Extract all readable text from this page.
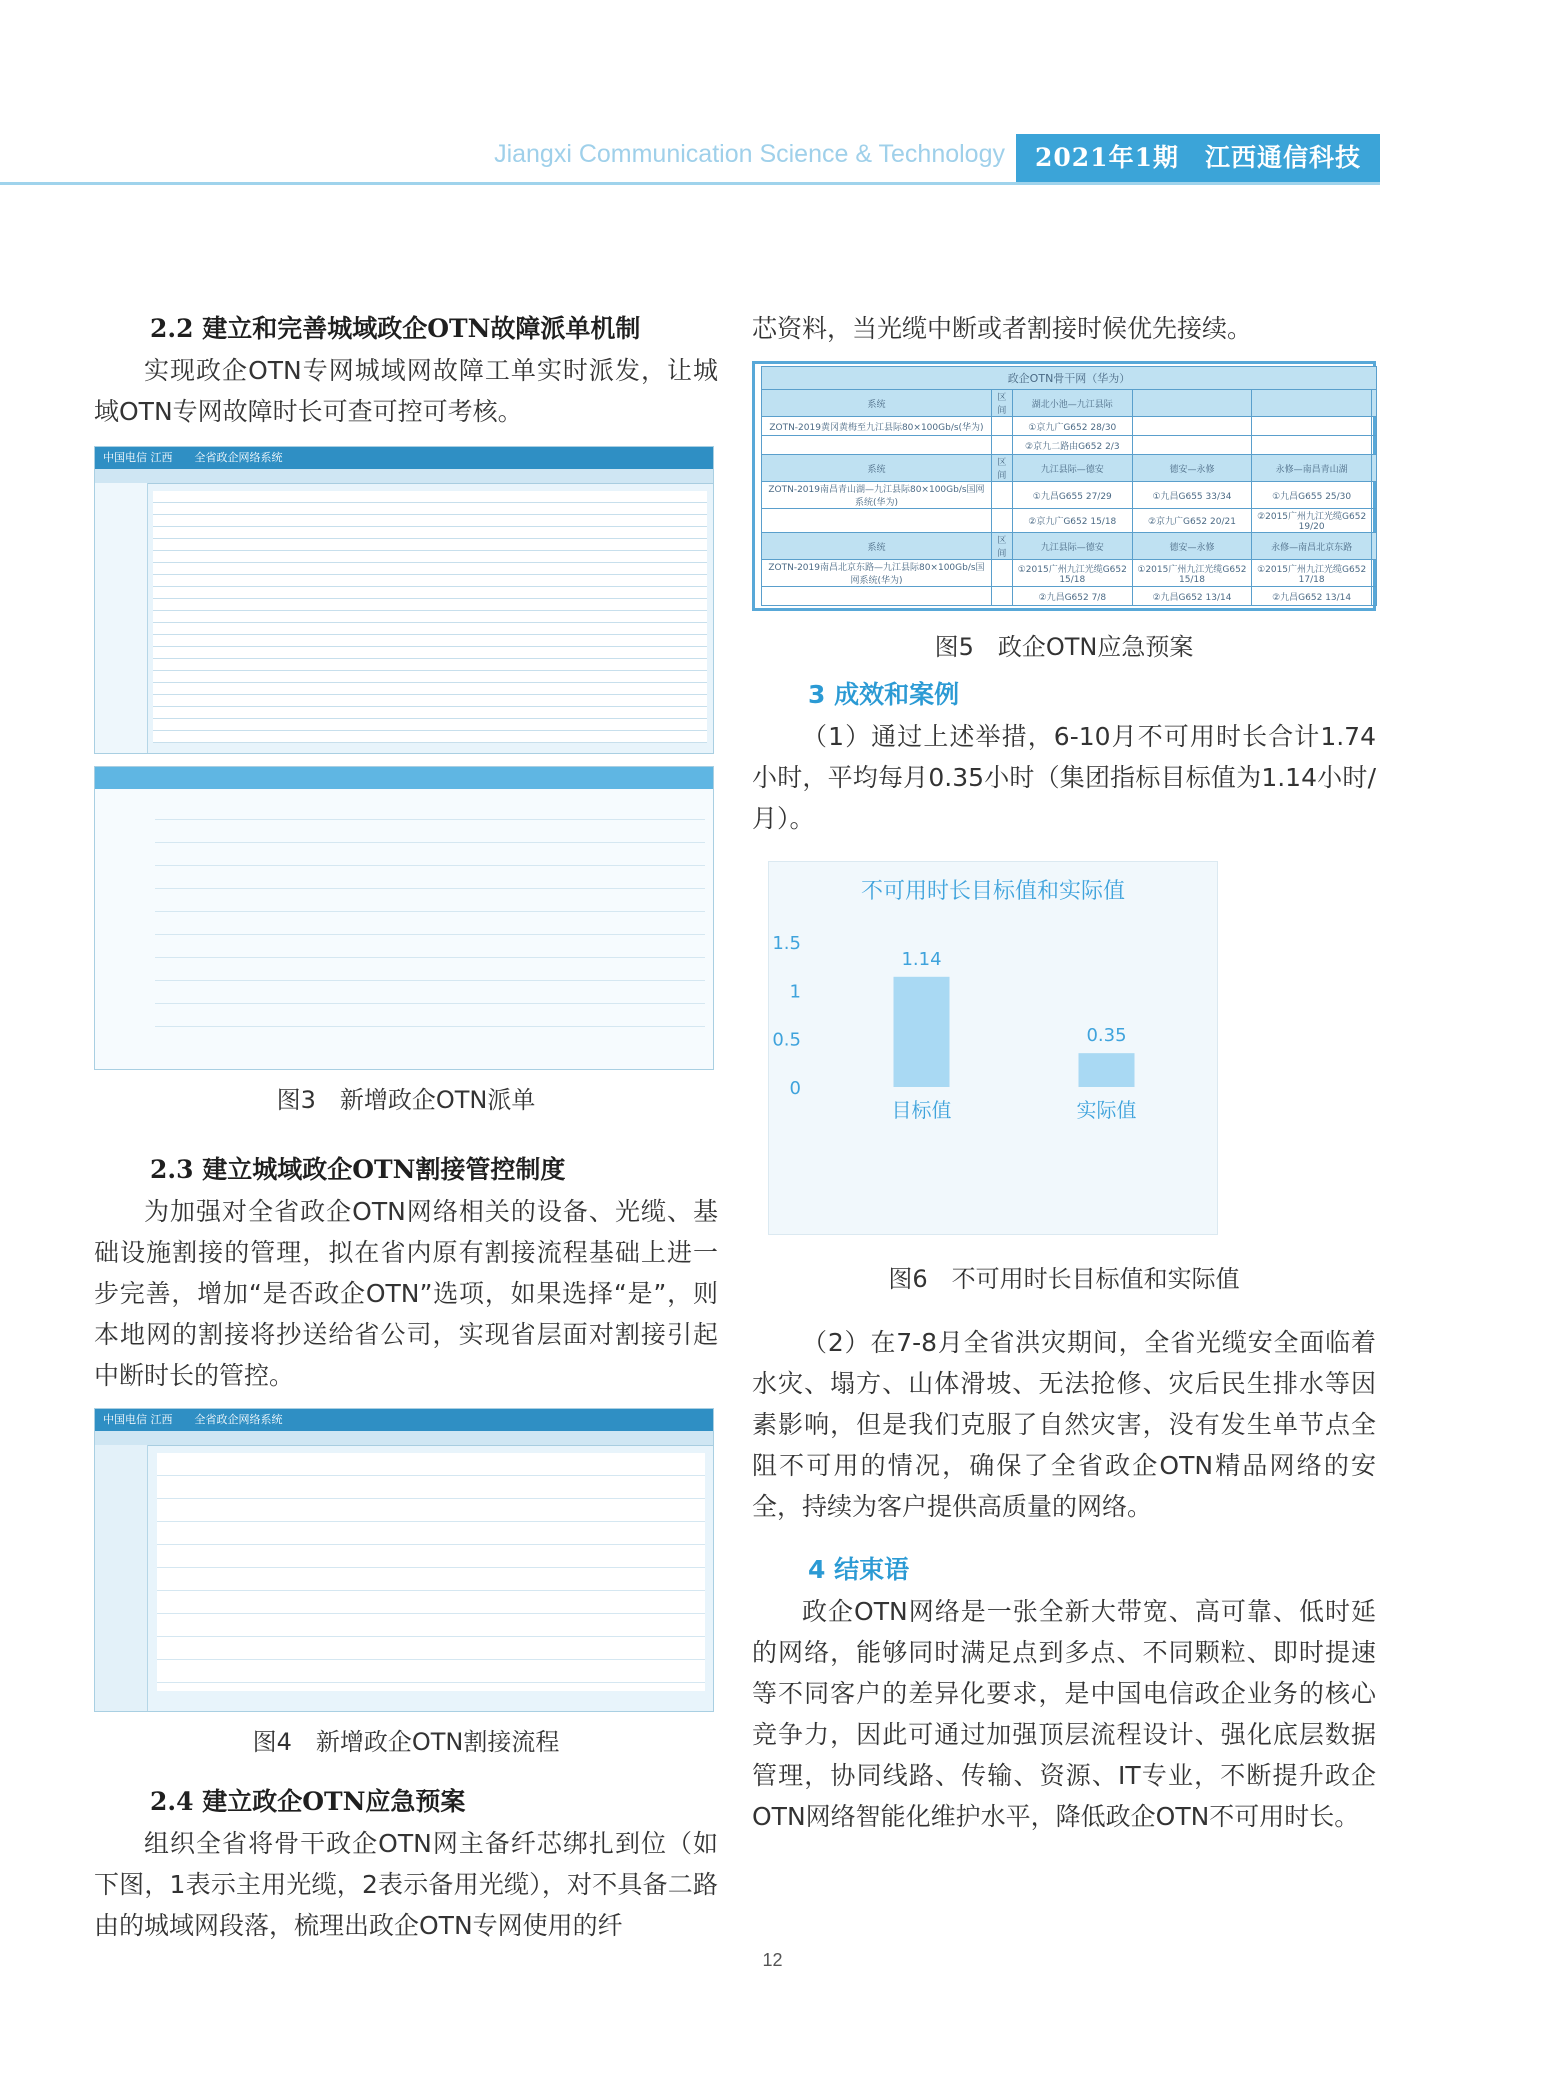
Jiangxi Communication Science & Technology	2021年1期　江西通信科技
2.2 建立和完善城域政企OTN故障派单机制

实现政企OTN专网城域网故障工单实时派发，让城域OTN专网故障时长可查可控可考核。

中国电信 江西　　全省政企网络系统

图3　新增政企OTN派单

2.3 建立城域政企OTN割接管控制度

为加强对全省政企OTN网络相关的设备、光缆、基础设施割接的管理，拟在省内原有割接流程基础上进一步完善，增加“是否政企OTN”选项，如果选择“是”，则本地网的割接将抄送给省公司，实现省层面对割接引起中断时长的管控。

中国电信 江西　　全省政企网络系统

图4　新增政企OTN割接流程

2.4 建立政企OTN应急预案

组织全省将骨干政企OTN网主备纤芯绑扎到位（如下图，1表示主用光缆，2表示备用光缆），对不具备二路由的城域网段落，梳理出政企OTN专网使用的纤

芯资料，当光缆中断或者割接时候优先接续。

政企OTN骨干网（华为）					
系统	区间	湖北小池—九江县际			
ZOTN-2019黄冈黄梅至九江县际80×100Gb/s(华为)		①京九广G652 28/30			
		②京九二路由G652 2/3			
系统	区间	九江县际—德安	德安—永修	永修—南昌青山湖	
ZOTN-2019南昌青山湖—九江县际80×100Gb/s国网系统(华为)		①九昌G655 27/29	①九昌G655 33/34	①九昌G655 25/30	
		②京九广G652 15/18	②京九广G652 20/21	②2015广州九江光缆G652 19/20	
系统	区间	九江县际—德安	德安—永修	永修—南昌北京东路	
ZOTN-2019南昌北京东路—九江县际80×100Gb/s国网系统(华为)		①2015广州九江光缆G652 15/18	①2015广州九江光缆G652 15/18	①2015广州九江光缆G652 17/18	
		②九昌G652 7/8	②九昌G652 13/14	②九昌G652 13/14	

图5　政企OTN应急预案

3 成效和案例

（1）通过上述举措，6-10月不可用时长合计1.74小时，平均每月0.35小时（集团指标目标值为1.14小时/月）。

不可用时长目标值和实际值
0
0.5
1
1.5
1.14
目标值
0.35
实际值

图6　不可用时长目标值和实际值

（2）在7-8月全省洪灾期间，全省光缆安全面临着水灾、塌方、山体滑坡、无法抢修、灾后民生排水等因素影响，但是我们克服了自然灾害，没有发生单节点全阻不可用的情况，确保了全省政企OTN精品网络的安全，持续为客户提供高质量的网络。

4 结束语

政企OTN网络是一张全新大带宽、高可靠、低时延的网络，能够同时满足点到多点、不同颗粒、即时提速等不同客户的差异化要求，是中国电信政企业务的核心竞争力，因此可通过加强顶层流程设计、强化底层数据管理，协同线路、传输、资源、IT专业，不断提升政企OTN网络智能化维护水平，降低政企OTN不可用时长。

12
